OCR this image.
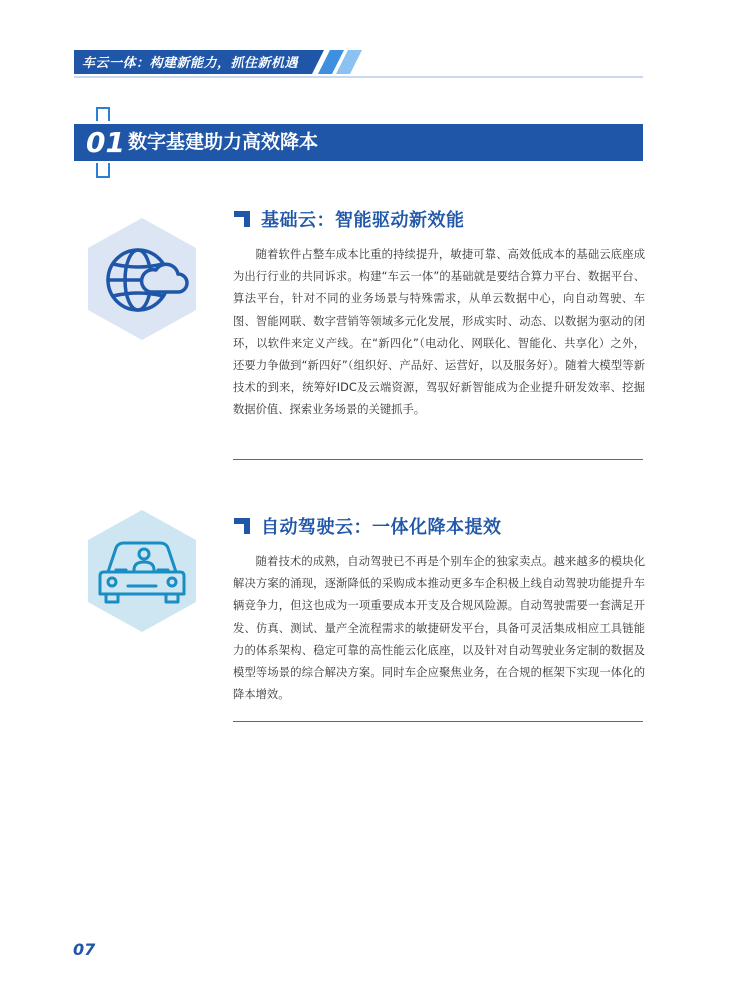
车云一体：构建新能力，抓住新机遇
01 数字基建助力高效降本
基础云：智能驱动新效能

随着软件占整车成本比重的持续提升，敏捷可靠、高效低成本的基础云底座成为出行行业的共同诉求。构建“车云一体”的基础就是要结合算力平台、数据平台、算法平台，针对不同的业务场景与特殊需求，从单云数据中心，向自动驾驶、车图、智能网联、数字营销等领域多元化发展，形成实时、动态、以数据为驱动的闭环，以软件来定义产线。在“新四化”（电动化、网联化、智能化、共享化）之外，还要力争做到“新四好”（组织好、产品好、运营好，以及服务好）。随着大模型等新技术的到来，统筹好IDC及云端资源，驾驭好新智能成为企业提升研发效率、挖掘数据价值、探索业务场景的关键抓手。

自动驾驶云：一体化降本提效

随着技术的成熟，自动驾驶已不再是个别车企的独家卖点。越来越多的模块化解决方案的涌现，逐渐降低的采购成本推动更多车企积极上线自动驾驶功能提升车辆竞争力，但这也成为一项重要成本开支及合规风险源。自动驾驶需要一套满足开发、仿真、测试、量产全流程需求的敏捷研发平台，具备可灵活集成相应工具链能力的体系架构、稳定可靠的高性能云化底座，以及针对自动驾驶业务定制的数据及模型等场景的综合解决方案。同时车企应聚焦业务，在合规的框架下实现一体化的降本增效。

07
